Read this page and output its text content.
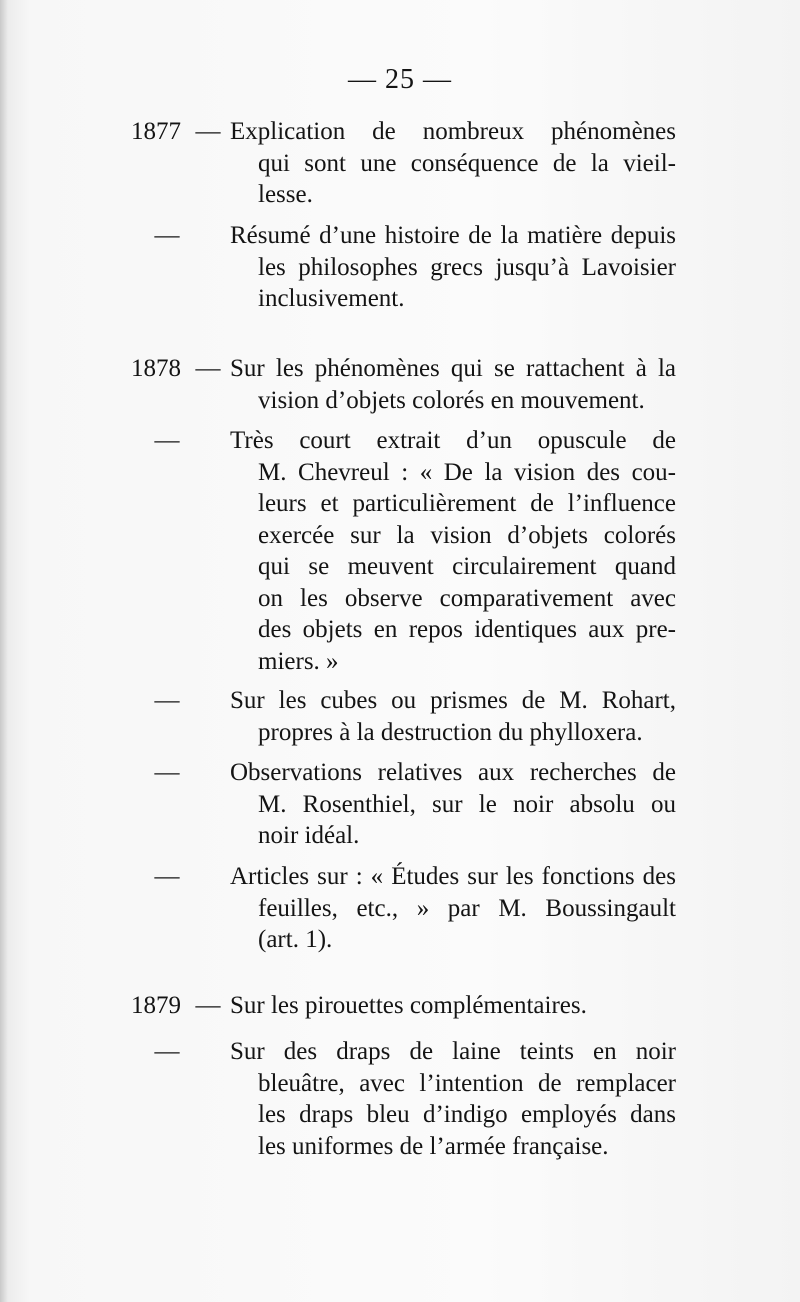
— 25 —
1877 — Explication de nombreux phénomènes
qui sont une conséquence de la vieil-
lesse.
—	Résumé d’une histoire de la matière depuis
les philosophes grecs jusqu’à Lavoisier
inclusivement.
1878 — Sur les phénomènes qui se rattachent à la
vision d’objets colorés en mouvement.
—	Très court extrait d’un opuscule de
M. Chevreul : « De la vision des cou-
leurs et particulièrement de l’influence
exercée sur la vision d’objets colorés
qui se meuvent circulairement quand
on les observe comparativement avec
des objets en repos identiques aux pre-
miers. »
—	Sur les cubes ou prismes de M. Rohart,
propres à la destruction du phylloxera.
—	Observations relatives aux recherches de
M. Rosenthiel, sur le noir absolu ou
noir idéal.
—	Articles sur : « Études sur les fonctions des
feuilles, etc., » par M. Boussingault
(art. 1).
1879 — Sur les pirouettes complémentaires.
—	Sur des draps de laine teints en noir
bleuâtre, avec l’intention de remplacer
les draps bleu d’indigo employés dans
les uniformes de l’armée française.
